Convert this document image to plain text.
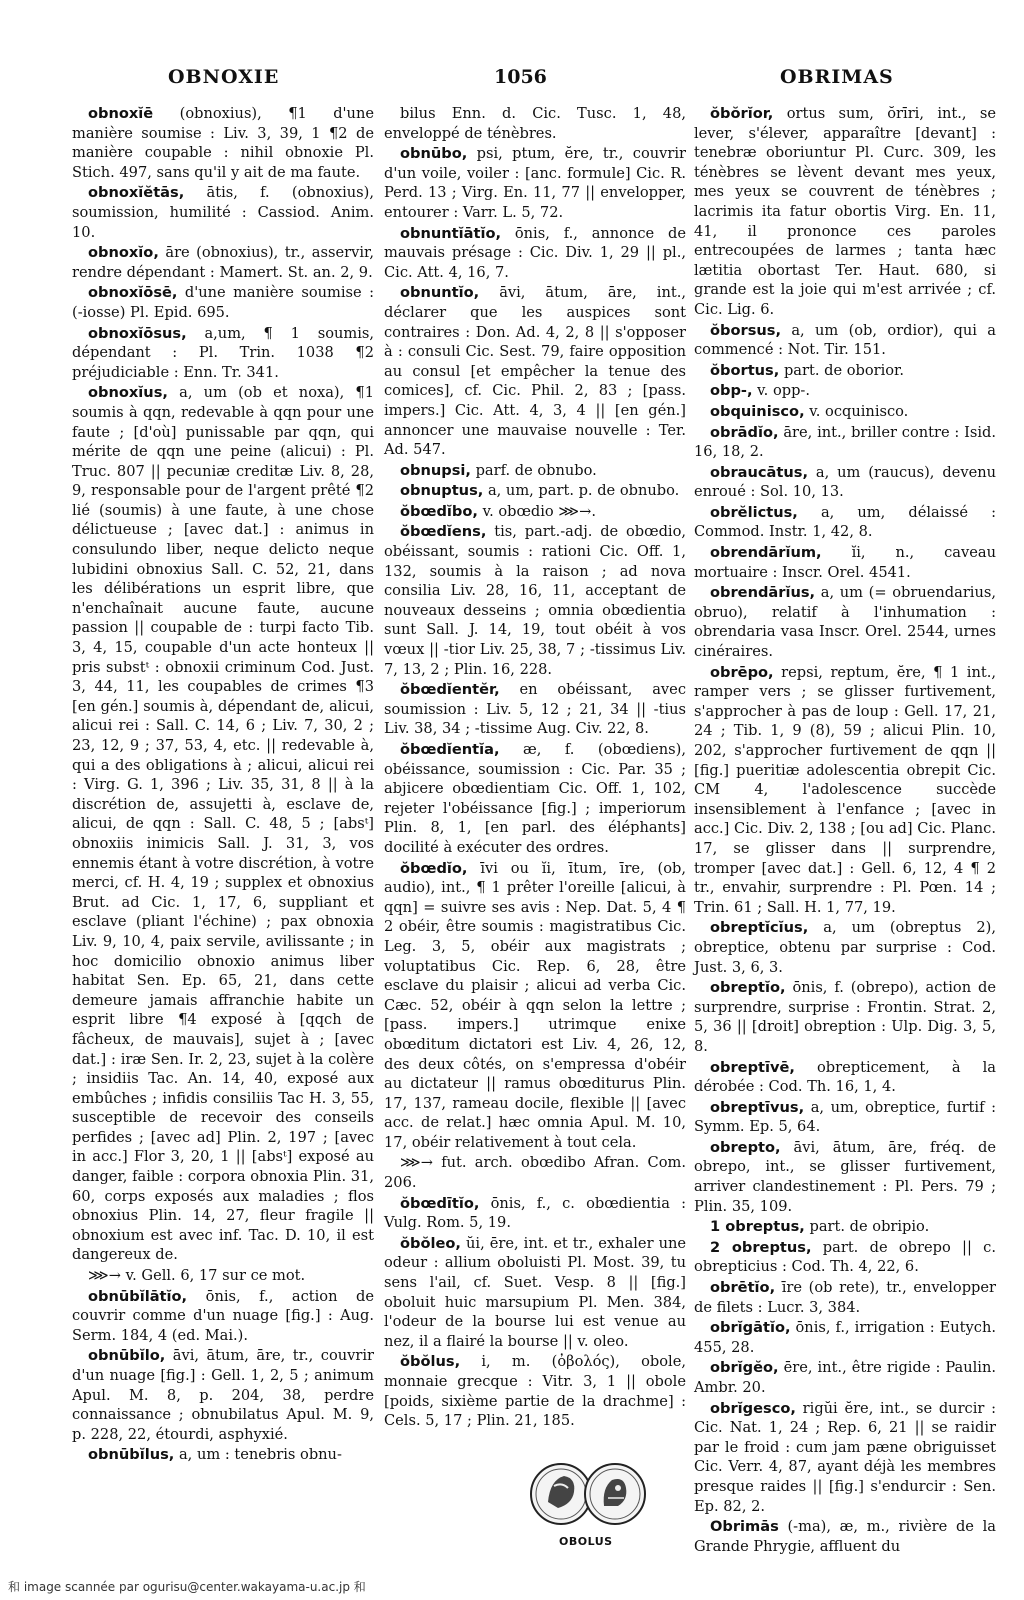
OBNOXIE	1056	OBRIMAS

obnoxĭē (obnoxius), ¶1 d'une manière soumise : Liv. 3, 39, 1 ¶2 de manière coupable : nihil obnoxie Pl. Stich. 497, sans qu'il y ait de ma faute.

obnoxĭĕtās, ātis, f. (obnoxius), soumission, humilité : Cassiod. Anim. 10.

obnoxĭo, āre (obnoxius), tr., asservir, rendre dépendant : Mamert. St. an. 2, 9.

obnoxĭōsē, d'une manière soumise : (-iosse) Pl. Epid. 695.

obnoxĭōsus, a,um, ¶ 1 soumis, dépendant : Pl. Trin. 1038 ¶2 préjudiciable : Enn. Tr. 341.

obnoxĭus, a, um (ob et noxa), ¶1 soumis à qqn, redevable à qqn pour une faute ; [d'où] punissable par qqn, qui mérite de qqn une peine (alicui) : Pl. Truc. 807 || pecuniæ creditæ Liv. 8, 28, 9, responsable pour de l'argent prêté ¶2 lié (soumis) à une faute, à une chose délictueuse ; [avec dat.] : animus in consulundo liber, neque delicto neque lubidini obnoxius Sall. C. 52, 21, dans les délibérations un esprit libre, que n'enchaînait aucune faute, aucune passion || coupable de : turpi facto Tib. 3, 4, 15, coupable d'un acte honteux || pris substᵗ : obnoxii criminum Cod. Just. 3, 44, 11, les coupables de crimes ¶3 [en gén.] soumis à, dépendant de, alicui, alicui rei : Sall. C. 14, 6 ; Liv. 7, 30, 2 ; 23, 12, 9 ; 37, 53, 4, etc. || redevable à, qui a des obligations à ; alicui, alicui rei : Virg. G. 1, 396 ; Liv. 35, 31, 8 || à la discrétion de, assujetti à, esclave de, alicui, de qqn : Sall. C. 48, 5 ; [absᵗ] obnoxiis inimicis Sall. J. 31, 3, vos ennemis étant à votre discrétion, à votre merci, cf. H. 4, 19 ; supplex et obnoxius Brut. ad Cic. 1, 17, 6, suppliant et esclave (pliant l'échine) ; pax obnoxia Liv. 9, 10, 4, paix servile, avilissante ; in hoc domicilio obnoxio animus liber habitat Sen. Ep. 65, 21, dans cette demeure jamais affranchie habite un esprit libre ¶4 exposé à [qqch de fâcheux, de mauvais], sujet à ; [avec dat.] : iræ Sen. Ir. 2, 23, sujet à la colère ; insidiis Tac. An. 14, 40, exposé aux embûches ; infidis consiliis Tac H. 3, 55, susceptible de recevoir des conseils perfides ; [avec ad] Plin. 2, 197 ; [avec in acc.] Flor 3, 20, 1 || [absᵗ] exposé au danger, faible : corpora obnoxia Plin. 31, 60, corps exposés aux maladies ; flos obnoxius Plin. 14, 27, fleur fragile || obnoxium est avec inf. Tac. D. 10, il est dangereux de.

⋙→ v. Gell. 6, 17 sur ce mot.

obnūbĭlātĭo, ōnis, f., action de couvrir comme d'un nuage [fig.] : Aug. Serm. 184, 4 (ed. Mai.).

obnūbĭlo, āvi, ātum, āre, tr., couvrir d'un nuage [fig.] : Gell. 1, 2, 5 ; animum Apul. M. 8, p. 204, 38, perdre connaissance ; obnubilatus Apul. M. 9, p. 228, 22, étourdi, asphyxié.

obnūbĭlus, a, um : tenebris obnu-

bilus Enn. d. Cic. Tusc. 1, 48, enveloppé de ténèbres.

obnūbo, psi, ptum, ĕre, tr., couvrir d'un voile, voiler : [anc. formule] Cic. R. Perd. 13 ; Virg. En. 11, 77 || envelopper, entourer : Varr. L. 5, 72.

obnuntĭātĭo, ōnis, f., annonce de mauvais présage : Cic. Div. 1, 29 || pl., Cic. Att. 4, 16, 7.

obnuntĭo, āvi, ātum, āre, int., déclarer que les auspices sont contraires : Don. Ad. 4, 2, 8 || s'opposer à : consuli Cic. Sest. 79, faire opposition au consul [et empêcher la tenue des comices], cf. Cic. Phil. 2, 83 ; [pass. impers.] Cic. Att. 4, 3, 4 || [en gén.] annoncer une mauvaise nouvelle : Ter. Ad. 547.

obnupsi, parf. de obnubo.

obnuptus, a, um, part. p. de obnubo.

ŏbœdĭbo, v. obœdio ⋙→.

ŏbœdĭens, tis, part.-adj. de obœdio, obéissant, soumis : rationi Cic. Off. 1, 132, soumis à la raison ; ad nova consilia Liv. 28, 16, 11, acceptant de nouveaux desseins ; omnia obœdientia sunt Sall. J. 14, 19, tout obéit à vos vœux || -tior Liv. 25, 38, 7 ; -tissimus Liv. 7, 13, 2 ; Plin. 16, 228.

ŏbœdĭentĕr, en obéissant, avec soumission : Liv. 5, 12 ; 21, 34 || -tius Liv. 38, 34 ; -tissime Aug. Civ. 22, 8.

ŏbœdĭentĭa, æ, f. (obœdiens), obéissance, soumission : Cic. Par. 35 ; abjicere obœdientiam Cic. Off. 1, 102, rejeter l'obéissance [fig.] ; imperiorum Plin. 8, 1, [en parl. des éléphants] docilité à exécuter des ordres.

ŏbœdĭo, īvi ou ĭi, ītum, īre, (ob, audio), int., ¶ 1 prêter l'oreille [alicui, à qqn] = suivre ses avis : Nep. Dat. 5, 4 ¶ 2 obéir, être soumis : magistratibus Cic. Leg. 3, 5, obéir aux magistrats ; voluptatibus Cic. Rep. 6, 28, être esclave du plaisir ; alicui ad verba Cic. Cæc. 52, obéir à qqn selon la lettre ; [pass. impers.] utrimque enixe obœditum dictatori est Liv. 4, 26, 12, des deux côtés, on s'empressa d'obéir au dictateur || ramus obœditurus Plin. 17, 137, rameau docile, flexible || [avec acc. de relat.] hæc omnia Apul. M. 10, 17, obéir relativement à tout cela.

⋙→ fut. arch. obœdibo Afran. Com. 206.

ŏbœdītĭo, ōnis, f., c. obœdientia : Vulg. Rom. 5, 19.

ŏbŏleo, ŭi, ēre, int. et tr., exhaler une odeur : allium oboluisti Pl. Most. 39, tu sens l'ail, cf. Suet. Vesp. 8 || [fig.] oboluit huic marsupium Pl. Men. 384, l'odeur de la bourse lui est venue au nez, il a flairé la bourse || v. oleo.

ŏbŏlus, i, m. (ὀβολός), obole, monnaie grecque : Vitr. 3, 1 || obole [poids, sixième partie de la drachme] : Cels. 5, 17 ; Plin. 21, 185.

ŏbŏrĭor, ortus sum, ŏrīri, int., se lever, s'élever, apparaître [devant] : tenebræ oboriuntur Pl. Curc. 309, les ténèbres se lèvent devant mes yeux, mes yeux se couvrent de ténèbres ; lacrimis ita fatur obortis Virg. En. 11, 41, il prononce ces paroles entrecoupées de larmes ; tanta hæc lætitia obortast Ter. Haut. 680, si grande est la joie qui m'est arrivée ; cf. Cic. Lig. 6.

ŏborsus, a, um (ob, ordior), qui a commencé : Not. Tir. 151.

ŏbortus, part. de oborior.

obp-, v. opp-.

obquinisco, v. ocquinisco.

obrādĭo, āre, int., briller contre : Isid. 16, 18, 2.

obraucātus, a, um (raucus), devenu enroué : Sol. 10, 13.

obrĕlictus, a, um, délaissé : Commod. Instr. 1, 42, 8.

obrendārĭum, ĭi, n., caveau mortuaire : Inscr. Orel. 4541.

obrendārĭus, a, um (= obruendarius, obruo), relatif à l'inhumation : obrendaria vasa Inscr. Orel. 2544, urnes cinéraires.

obrēpo, repsi, reptum, ĕre, ¶ 1 int., ramper vers ; se glisser furtivement, s'approcher à pas de loup : Gell. 17, 21, 24 ; Tib. 1, 9 (8), 59 ; alicui Plin. 10, 202, s'approcher furtivement de qqn || [fig.] pueritiæ adolescentia obrepit Cic. CM 4, l'adolescence succède insensiblement à l'enfance ; [avec in acc.] Cic. Div. 2, 138 ; [ou ad] Cic. Planc. 17, se glisser dans || surprendre, tromper [avec dat.] : Gell. 6, 12, 4 ¶ 2 tr., envahir, surprendre : Pl. Pœn. 14 ; Trin. 61 ; Sall. H. 1, 77, 19.

obreptĭcĭus, a, um (obreptus 2), obreptice, obtenu par surprise : Cod. Just. 3, 6, 3.

obreptĭo, ōnis, f. (obrepo), action de surprendre, surprise : Frontin. Strat. 2, 5, 36 || [droit] obreption : Ulp. Dig. 3, 5, 8.

obreptīvē, obrepticement, à la dérobée : Cod. Th. 16, 1, 4.

obreptīvus, a, um, obreptice, furtif : Symm. Ep. 5, 64.

obrepto, āvi, ātum, āre, fréq. de obrepo, int., se glisser furtivement, arriver clandestinement : Pl. Pers. 79 ; Plin. 35, 109.

1 obreptus, part. de obripio.

2 obreptus, part. de obrepo || c. obrepticius : Cod. Th. 4, 22, 6.

obrētĭo, īre (ob rete), tr., envelopper de filets : Lucr. 3, 384.

obrĭgātĭo, ōnis, f., irrigation : Eutych. 455, 28.

obrĭgĕo, ēre, int., être rigide : Paulin. Ambr. 20.

obrĭgesco, rigŭi ĕre, int., se durcir : Cic. Nat. 1, 24 ; Rep. 6, 21 || se raidir par le froid : cum jam pæne obriguisset Cic. Verr. 4, 87, ayant déjà les membres presque raides || [fig.] s'endurcir : Sen. Ep. 82, 2.

Obrimās (-ma), æ, m., rivière de la Grande Phrygie, affluent du

OBOLUS
和 image scannée par ogurisu@center.wakayama-u.ac.jp 和
